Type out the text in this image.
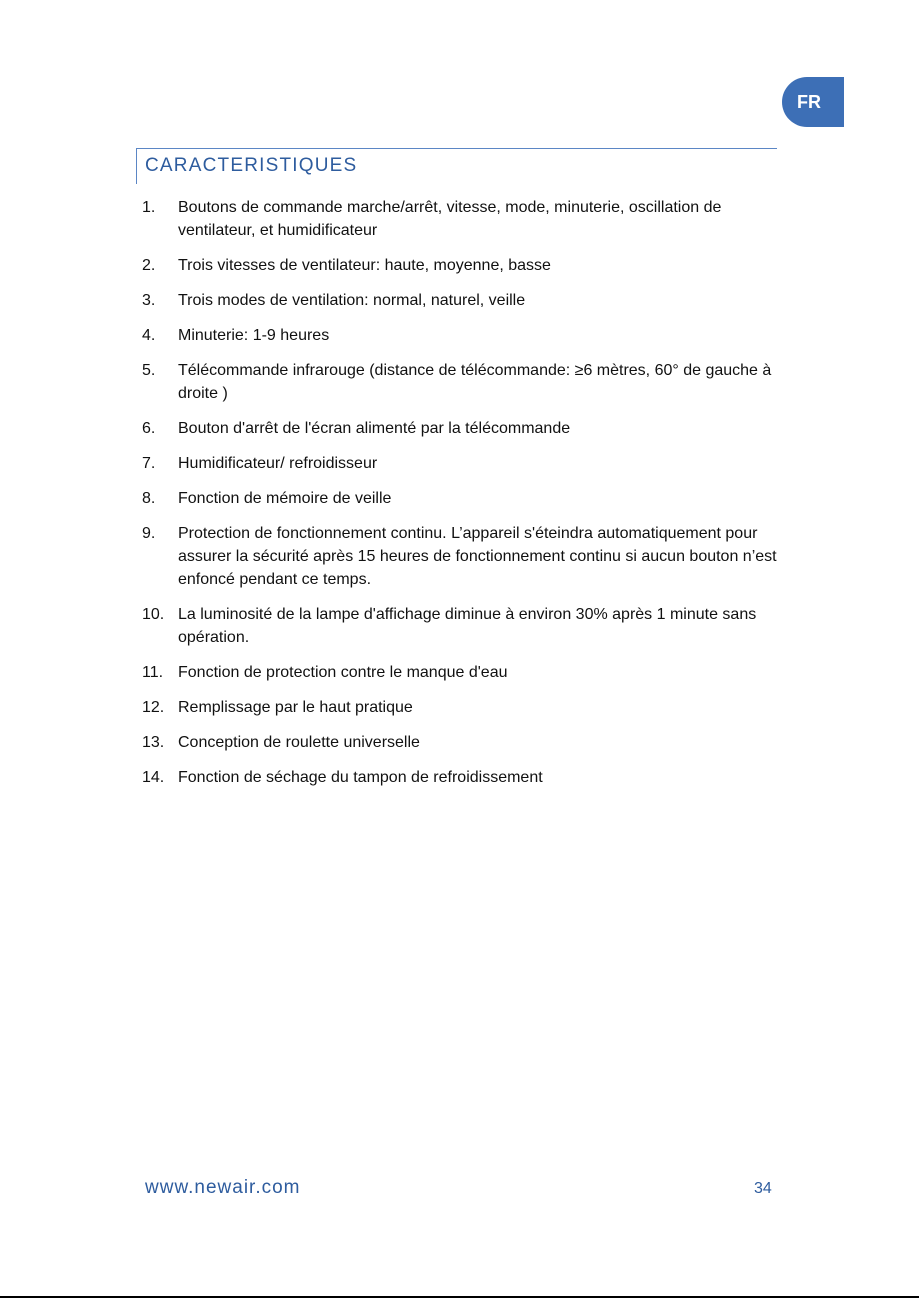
FR
CARACTERISTIQUES
1.	Boutons de commande marche/arrêt, vitesse, mode, minuterie, oscillation de ventilateur, et humidificateur
2.	Trois vitesses de ventilateur: haute, moyenne, basse
3.	Trois modes de ventilation: normal, naturel, veille
4.	Minuterie: 1-9 heures
5.	Télécommande infrarouge (distance de télécommande: ≥6 mètres, 60° de gauche à droite )
6.	Bouton d'arrêt de l'écran alimenté par la télécommande
7.	Humidificateur/ refroidisseur
8.	Fonction de mémoire de veille
9.	Protection de fonctionnement continu. L’appareil s'éteindra automatiquement pour assurer la sécurité après 15 heures de fonctionnement continu si aucun bouton n’est enfoncé pendant ce temps.
10. La luminosité de la lampe d'affichage diminue à environ 30% après 1 minute sans opération.
11. Fonction de protection contre le manque d'eau
12. Remplissage par le haut pratique
13. Conception de roulette universelle
14. Fonction de séchage du tampon de refroidissement
www.newair.com	34
